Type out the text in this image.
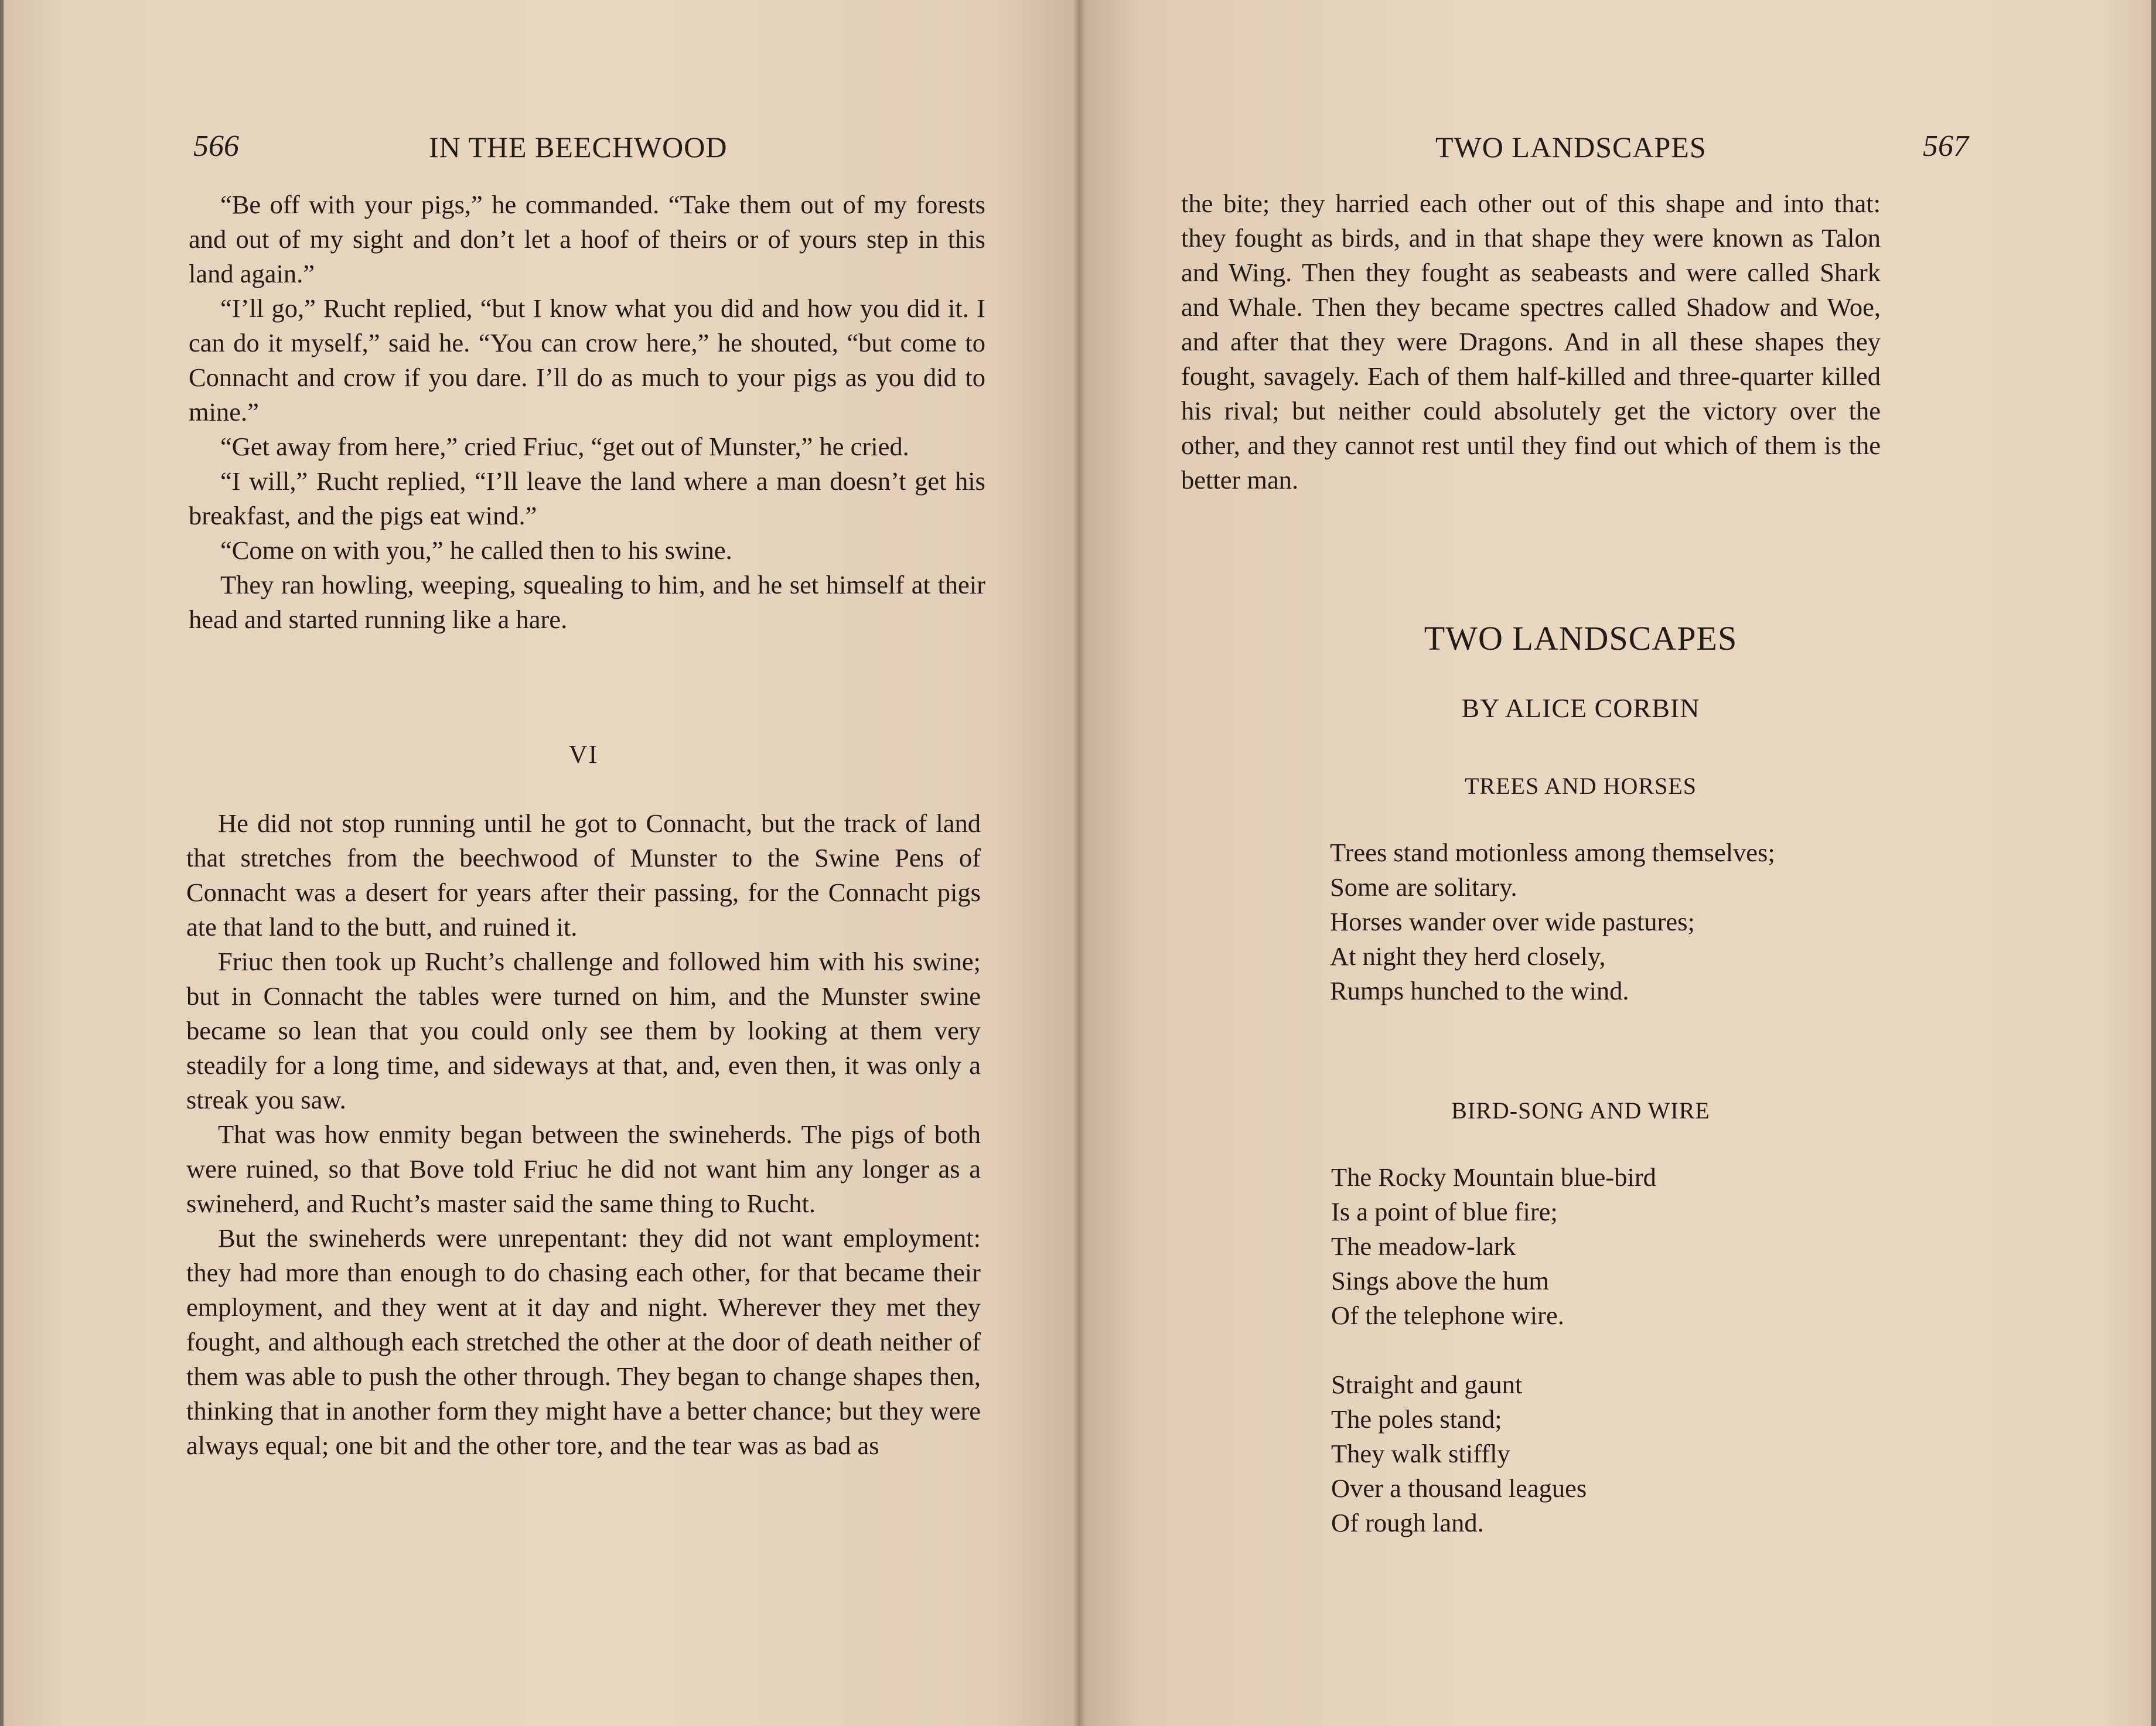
566	IN THE BEECHWOOD

“Be off with your pigs,” he commanded. “Take them out of my forests and out of my sight and don’t let a hoof of theirs or of yours step in this land again.”

“I’ll go,” Rucht replied, “but I know what you did and how you did it. I can do it myself,” said he. “You can crow here,” he shouted, “but come to Connacht and crow if you dare. I’ll do as much to your pigs as you did to mine.”

“Get away from here,” cried Friuc, “get out of Munster,” he cried.

“I will,” Rucht replied, “I’ll leave the land where a man doesn’t get his breakfast, and the pigs eat wind.”

“Come on with you,” he called then to his swine.

They ran howling, weeping, squealing to him, and he set himself at their head and started running like a hare.

VI

He did not stop running until he got to Connacht, but the track of land that stretches from the beechwood of Munster to the Swine Pens of Connacht was a desert for years after their passing, for the Connacht pigs ate that land to the butt, and ruined it.

Friuc then took up Rucht’s challenge and followed him with his swine; but in Connacht the tables were turned on him, and the Munster swine became so lean that you could only see them by looking at them very steadily for a long time, and sideways at that, and, even then, it was only a streak you saw.

That was how enmity began between the swineherds. The pigs of both were ruined, so that Bove told Friuc he did not want him any longer as a swineherd, and Rucht’s master said the same thing to Rucht.

But the swineherds were unrepentant: they did not want employment: they had more than enough to do chasing each other, for that became their employment, and they went at it day and night. Wherever they met they fought, and although each stretched the other at the door of death neither of them was able to push the other through. They began to change shapes then, thinking that in another form they might have a better chance; but they were always equal; one bit and the other tore, and the tear was as bad as

TWO LANDSCAPES	567

the bite; they harried each other out of this shape and into that: they fought as birds, and in that shape they were known as Talon and Wing. Then they fought as seabeasts and were called Shark and Whale. Then they became spectres called Shadow and Woe, and after that they were Dragons. And in all these shapes they fought, savagely. Each of them half-killed and three-quarter killed his rival; but neither could absolutely get the victory over the other, and they cannot rest until they find out which of them is the better man.

TWO LANDSCAPES
BY ALICE CORBIN
TREES AND HORSES
Trees stand motionless among themselves;
Some are solitary.
Horses wander over wide pastures;
At night they herd closely,
Rumps hunched to the wind.
BIRD-SONG AND WIRE
The Rocky Mountain blue-bird
Is a point of blue fire;
The meadow-lark
Sings above the hum
Of the telephone wire.
Straight and gaunt
The poles stand;
They walk stiffly
Over a thousand leagues
Of rough land.
